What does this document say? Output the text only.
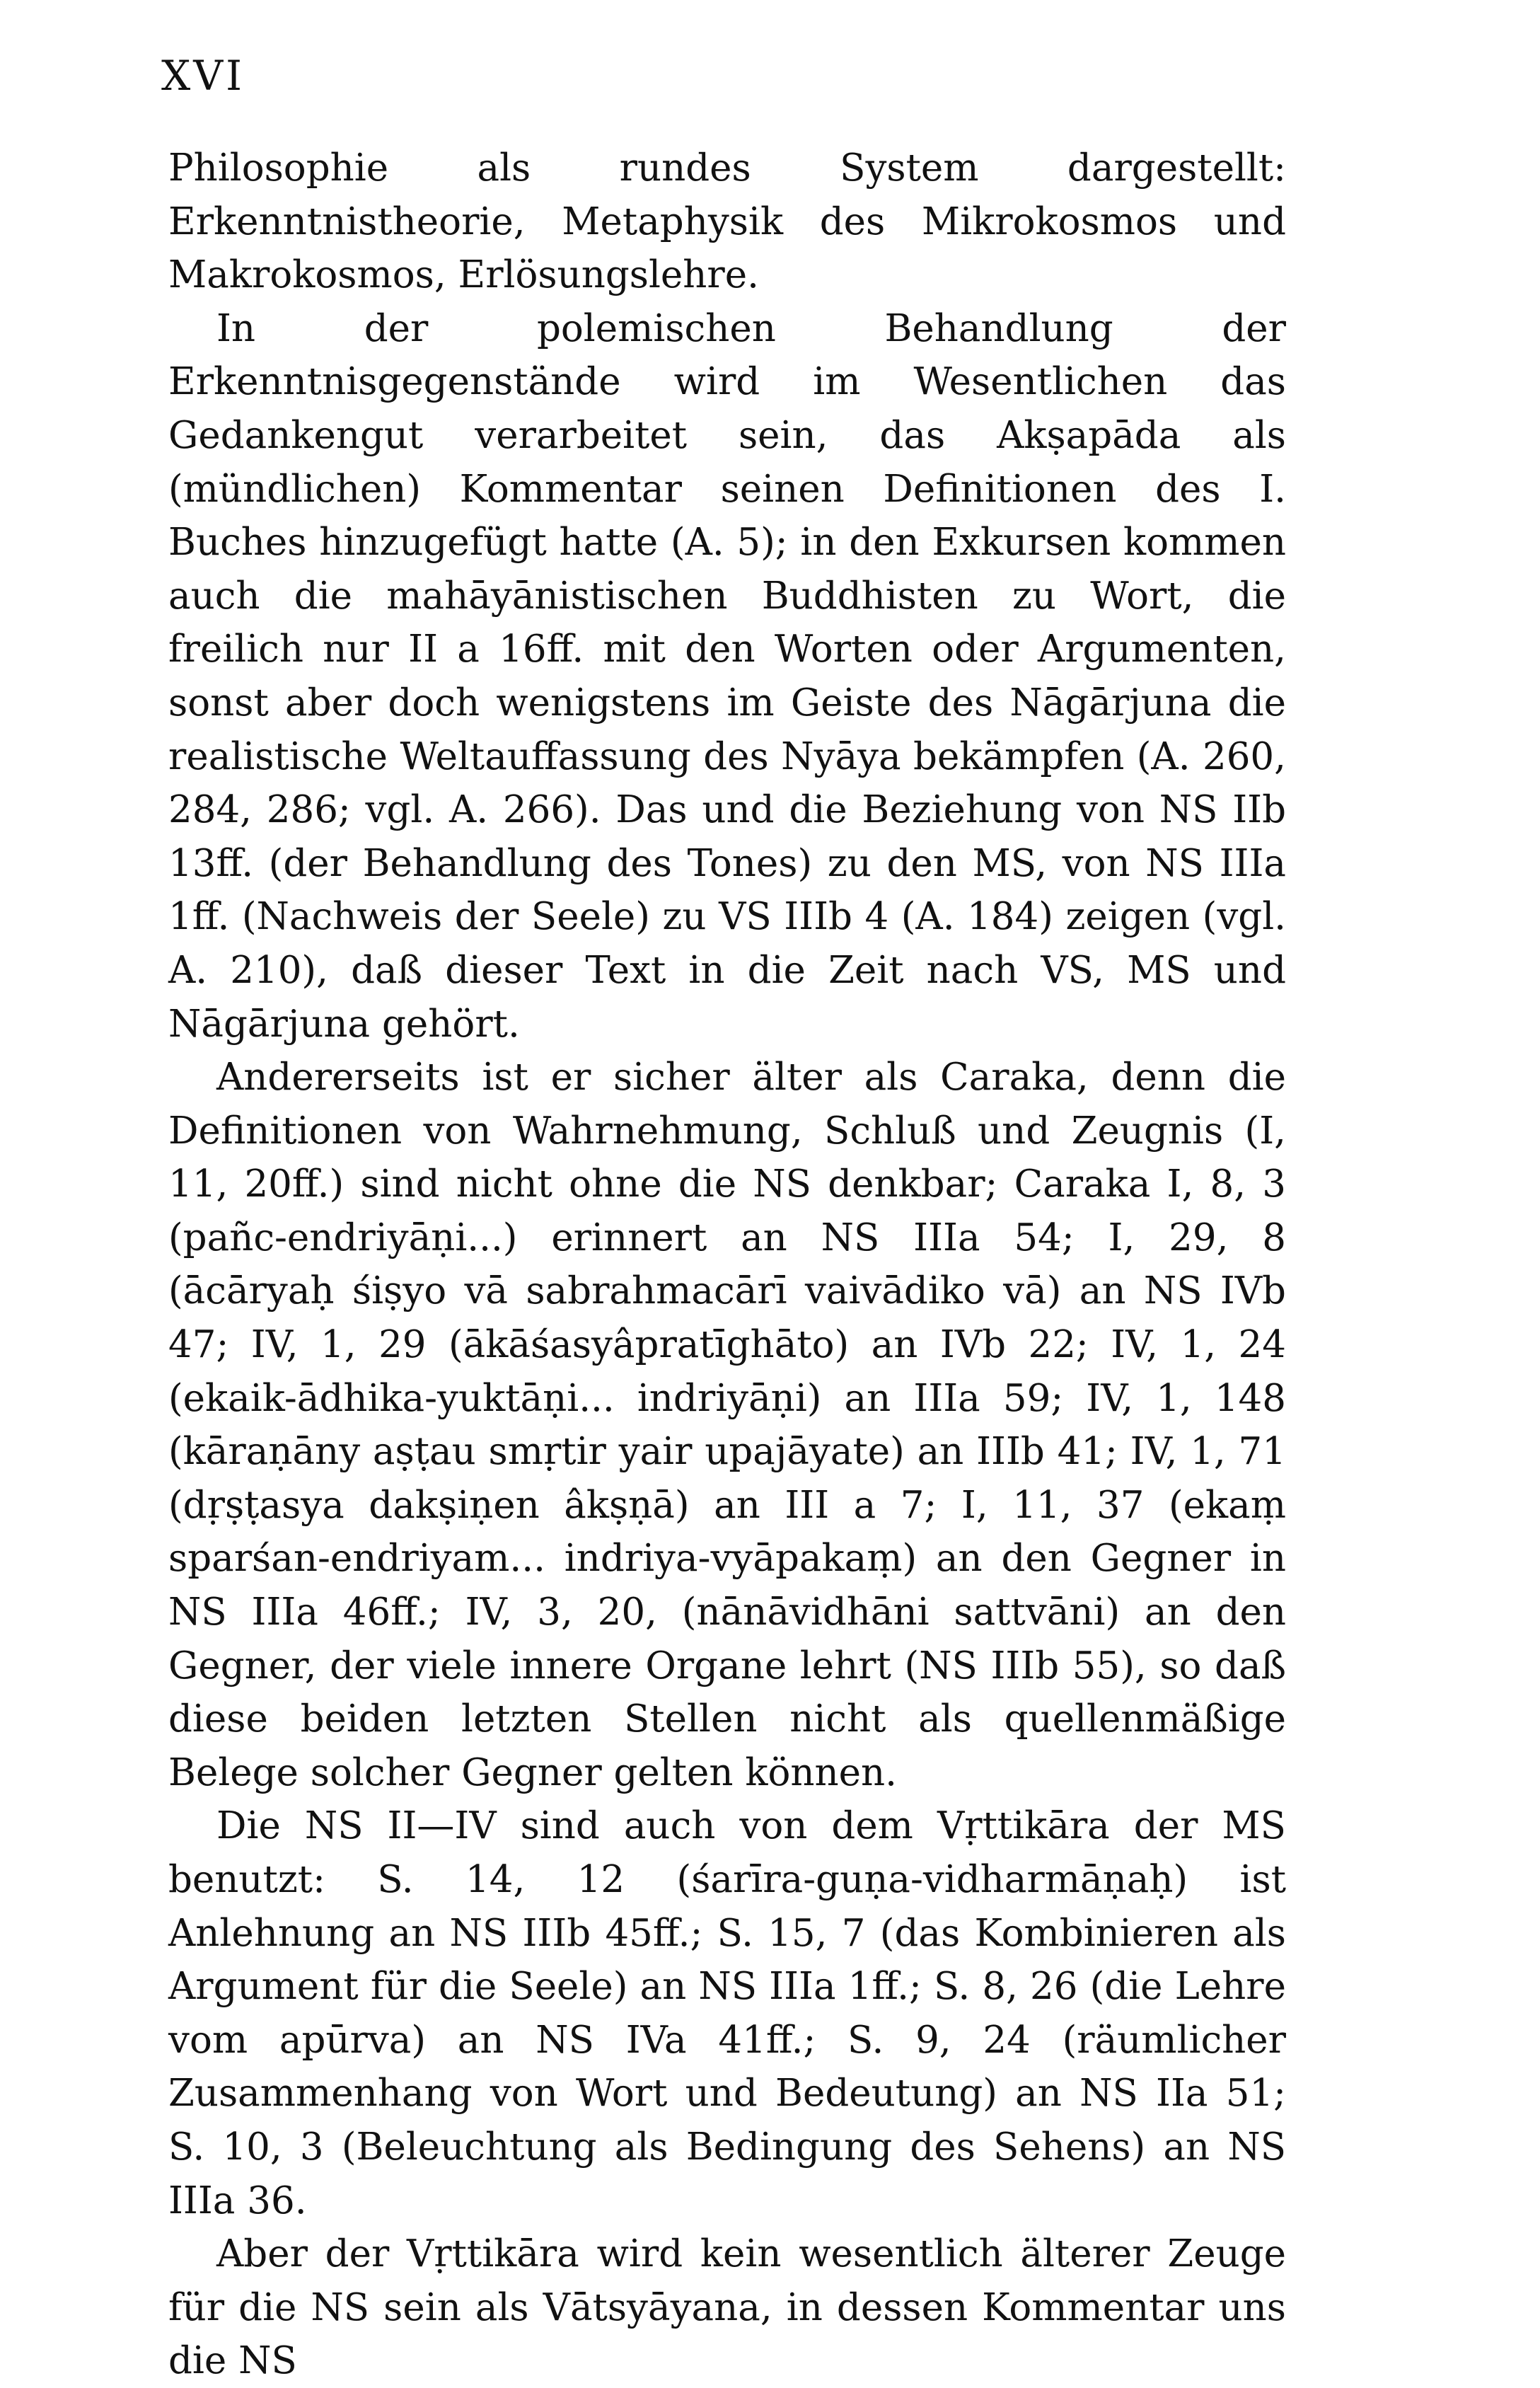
XVI

Philosophie als rundes System dargestellt: Erkenntnistheorie, Metaphysik des Mikrokosmos und Makrokosmos, Erlösungslehre.

In der polemischen Behandlung der Erkenntnisgegenstände wird im Wesentlichen das Gedankengut verarbeitet sein, das Akṣapāda als (mündlichen) Kommentar seinen Definitionen des I. Buches hinzugefügt hatte (A. 5); in den Exkursen kommen auch die mahāyānistischen Buddhisten zu Wort, die freilich nur II a 16ff. mit den Worten oder Argumenten, sonst aber doch wenigstens im Geiste des Nāgārjuna die realistische Weltauffassung des Nyāya bekämpfen (A. 260, 284, 286; vgl. A. 266). Das und die Beziehung von NS IIb 13ff. (der Behandlung des Tones) zu den MS, von NS IIIa 1ff. (Nachweis der Seele) zu VS IIIb 4 (A. 184) zeigen (vgl. A. 210), daß dieser Text in die Zeit nach VS, MS und Nāgārjuna gehört.

Andererseits ist er sicher älter als Caraka, denn die Definitionen von Wahrnehmung, Schluß und Zeugnis (I, 11, 20ff.) sind nicht ohne die NS denkbar; Caraka I, 8, 3 (pañc-endriyāṇi...) erinnert an NS IIIa 54; I, 29, 8 (ācāryaḥ śiṣyo vā sabrahmacārī vaivādiko vā) an NS IVb 47; IV, 1, 29 (ākāśasyâpratīghāto) an IVb 22; IV, 1, 24 (ekaik-ādhika-yuktāṇi... indriyāṇi) an IIIa 59; IV, 1, 148 (kāraṇāny aṣṭau smṛtir yair upajāyate) an IIIb 41; IV, 1, 71 (dṛṣṭasya dakṣiṇen âkṣṇā) an III a 7; I, 11, 37 (ekaṃ sparśan-endriyam... indriya-vyāpakaṃ) an den Gegner in NS IIIa 46ff.; IV, 3, 20, (nānāvidhāni sattvāni) an den Gegner, der viele innere Organe lehrt (NS IIIb 55), so daß diese beiden letzten Stellen nicht als quellenmäßige Belege solcher Gegner gelten können.

Die NS II—IV sind auch von dem Vṛttikāra der MS benutzt: S. 14, 12 (śarīra-guṇa-vidharmāṇaḥ) ist Anlehnung an NS IIIb 45ff.; S. 15, 7 (das Kombinieren als Argument für die Seele) an NS IIIa 1ff.; S. 8, 26 (die Lehre vom apūrva) an NS IVa 41ff.; S. 9, 24 (räumlicher Zusammenhang von Wort und Bedeutung) an NS IIa 51; S. 10, 3 (Beleuchtung als Bedingung des Sehens) an NS IIIa 36.

Aber der Vṛttikāra wird kein wesentlich älterer Zeuge für die NS sein als Vātsyāyana, in dessen Kommentar uns die NS
